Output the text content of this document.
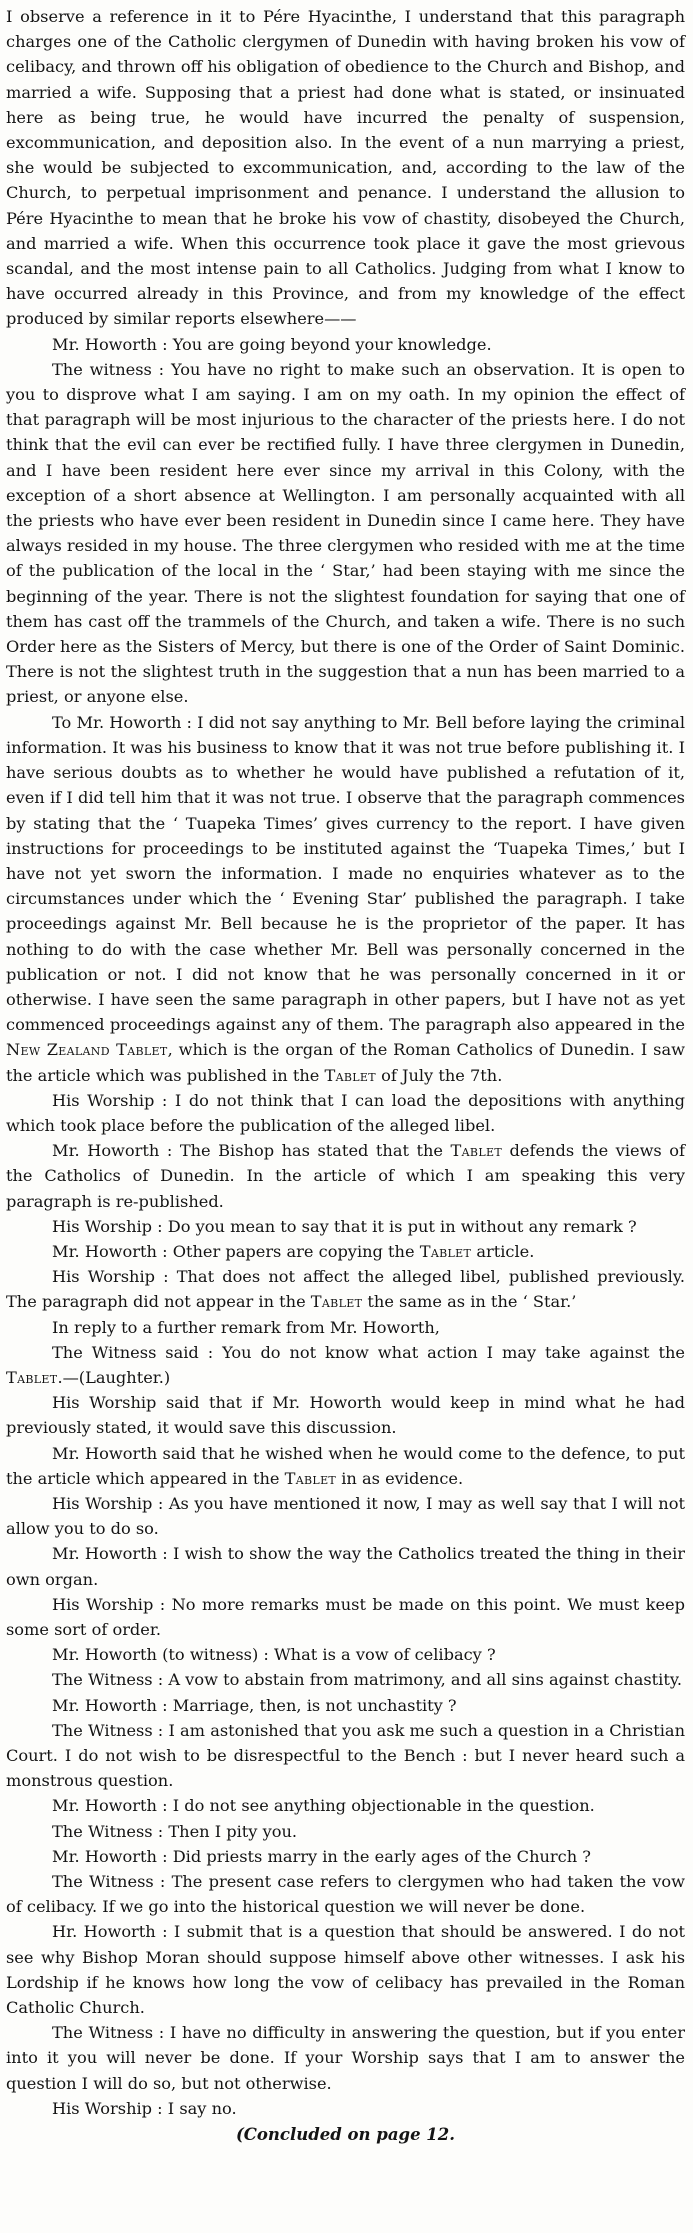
I observe a reference in it to Pére Hyacinthe, I understand that this paragraph charges one of the Catholic clergymen of Dunedin with having broken his vow of celibacy, and thrown off his obligation of obedience to the Church and Bishop, and married a wife. Supposing that a priest had done what is stated, or insinuated here as being true, he would have incurred the penalty of suspension, excommunication, and deposition also. In the event of a nun marrying a priest, she would be subjected to excommunication, and, according to the law of the Church, to perpetual imprisonment and penance. I understand the allusion to Pére Hyacinthe to mean that he broke his vow of chastity, disobeyed the Church, and married a wife. When this occurrence took place it gave the most grievous scandal, and the most intense pain to all Catholics. Judging from what I know to have occurred already in this Province, and from my knowledge of the effect produced by similar reports elsewhere——

Mr. Howorth : You are going beyond your knowledge.

The witness : You have no right to make such an observation. It is open to you to disprove what I am saying. I am on my oath. In my opinion the effect of that paragraph will be most injurious to the character of the priests here. I do not think that the evil can ever be rectified fully. I have three clergymen in Dunedin, and I have been resident here ever since my arrival in this Colony, with the exception of a short absence at Wellington. I am personally acquainted with all the priests who have ever been resident in Dunedin since I came here. They have always resided in my house. The three clergymen who resided with me at the time of the publication of the local in the ‘ Star,’ had been staying with me since the beginning of the year. There is not the slightest foundation for saying that one of them has cast off the trammels of the Church, and taken a wife. There is no such Order here as the Sisters of Mercy, but there is one of the Order of Saint Dominic. There is not the slightest truth in the suggestion that a nun has been married to a priest, or anyone else.

To Mr. Howorth : I did not say anything to Mr. Bell before laying the criminal information. It was his business to know that it was not true before publishing it. I have serious doubts as to whether he would have published a refutation of it, even if I did tell him that it was not true. I observe that the paragraph commences by stating that the ‘ Tuapeka Times’ gives currency to the report. I have given instructions for proceedings to be instituted against the ‘Tuapeka Times,’ but I have not yet sworn the information. I made no enquiries whatever as to the circumstances under which the ‘ Evening Star’ published the paragraph. I take proceedings against Mr. Bell because he is the proprietor of the paper. It has nothing to do with the case whether Mr. Bell was personally concerned in the publication or not. I did not know that he was personally concerned in it or otherwise. I have seen the same paragraph in other papers, but I have not as yet commenced proceedings against any of them. The paragraph also appeared in the New Zealand Tablet, which is the organ of the Roman Catholics of Dunedin. I saw the article which was published in the Tablet of July the 7th.

His Worship : I do not think that I can load the depositions with anything which took place before the publication of the alleged libel.

Mr. Howorth : The Bishop has stated that the Tablet defends the views of the Catholics of Dunedin. In the article of which I am speaking this very paragraph is re-published.

His Worship : Do you mean to say that it is put in without any remark ?

Mr. Howorth : Other papers are copying the Tablet article.

His Worship : That does not affect the alleged libel, published previously. The paragraph did not appear in the Tablet the same as in the ‘ Star.’

In reply to a further remark from Mr. Howorth,

The Witness said : You do not know what action I may take against the Tablet.—(Laughter.)

His Worship said that if Mr. Howorth would keep in mind what he had previously stated, it would save this discussion.

Mr. Howorth said that he wished when he would come to the defence, to put the article which appeared in the Tablet in as evidence.

His Worship : As you have mentioned it now, I may as well say that I will not allow you to do so.

Mr. Howorth : I wish to show the way the Catholics treated the thing in their own organ.

His Worship : No more remarks must be made on this point. We must keep some sort of order.

Mr. Howorth (to witness) : What is a vow of celibacy ?

The Witness : A vow to abstain from matrimony, and all sins against chastity.

Mr. Howorth : Marriage, then, is not unchastity ?

The Witness : I am astonished that you ask me such a question in a Christian Court. I do not wish to be disrespectful to the Bench : but I never heard such a monstrous question.

Mr. Howorth : I do not see anything objectionable in the question.

The Witness : Then I pity you.

Mr. Howorth : Did priests marry in the early ages of the Church ?

The Witness : The present case refers to clergymen who had taken the vow of celibacy. If we go into the historical question we will never be done.

Hr. Howorth : I submit that is a question that should be answered. I do not see why Bishop Moran should suppose himself above other witnesses. I ask his Lordship if he knows how long the vow of celibacy has prevailed in the Roman Catholic Church.

The Witness : I have no difficulty in answering the question, but if you enter into it you will never be done. If your Worship says that I am to answer the question I will do so, but not otherwise.

His Worship : I say no.

(Concluded on page 12.
